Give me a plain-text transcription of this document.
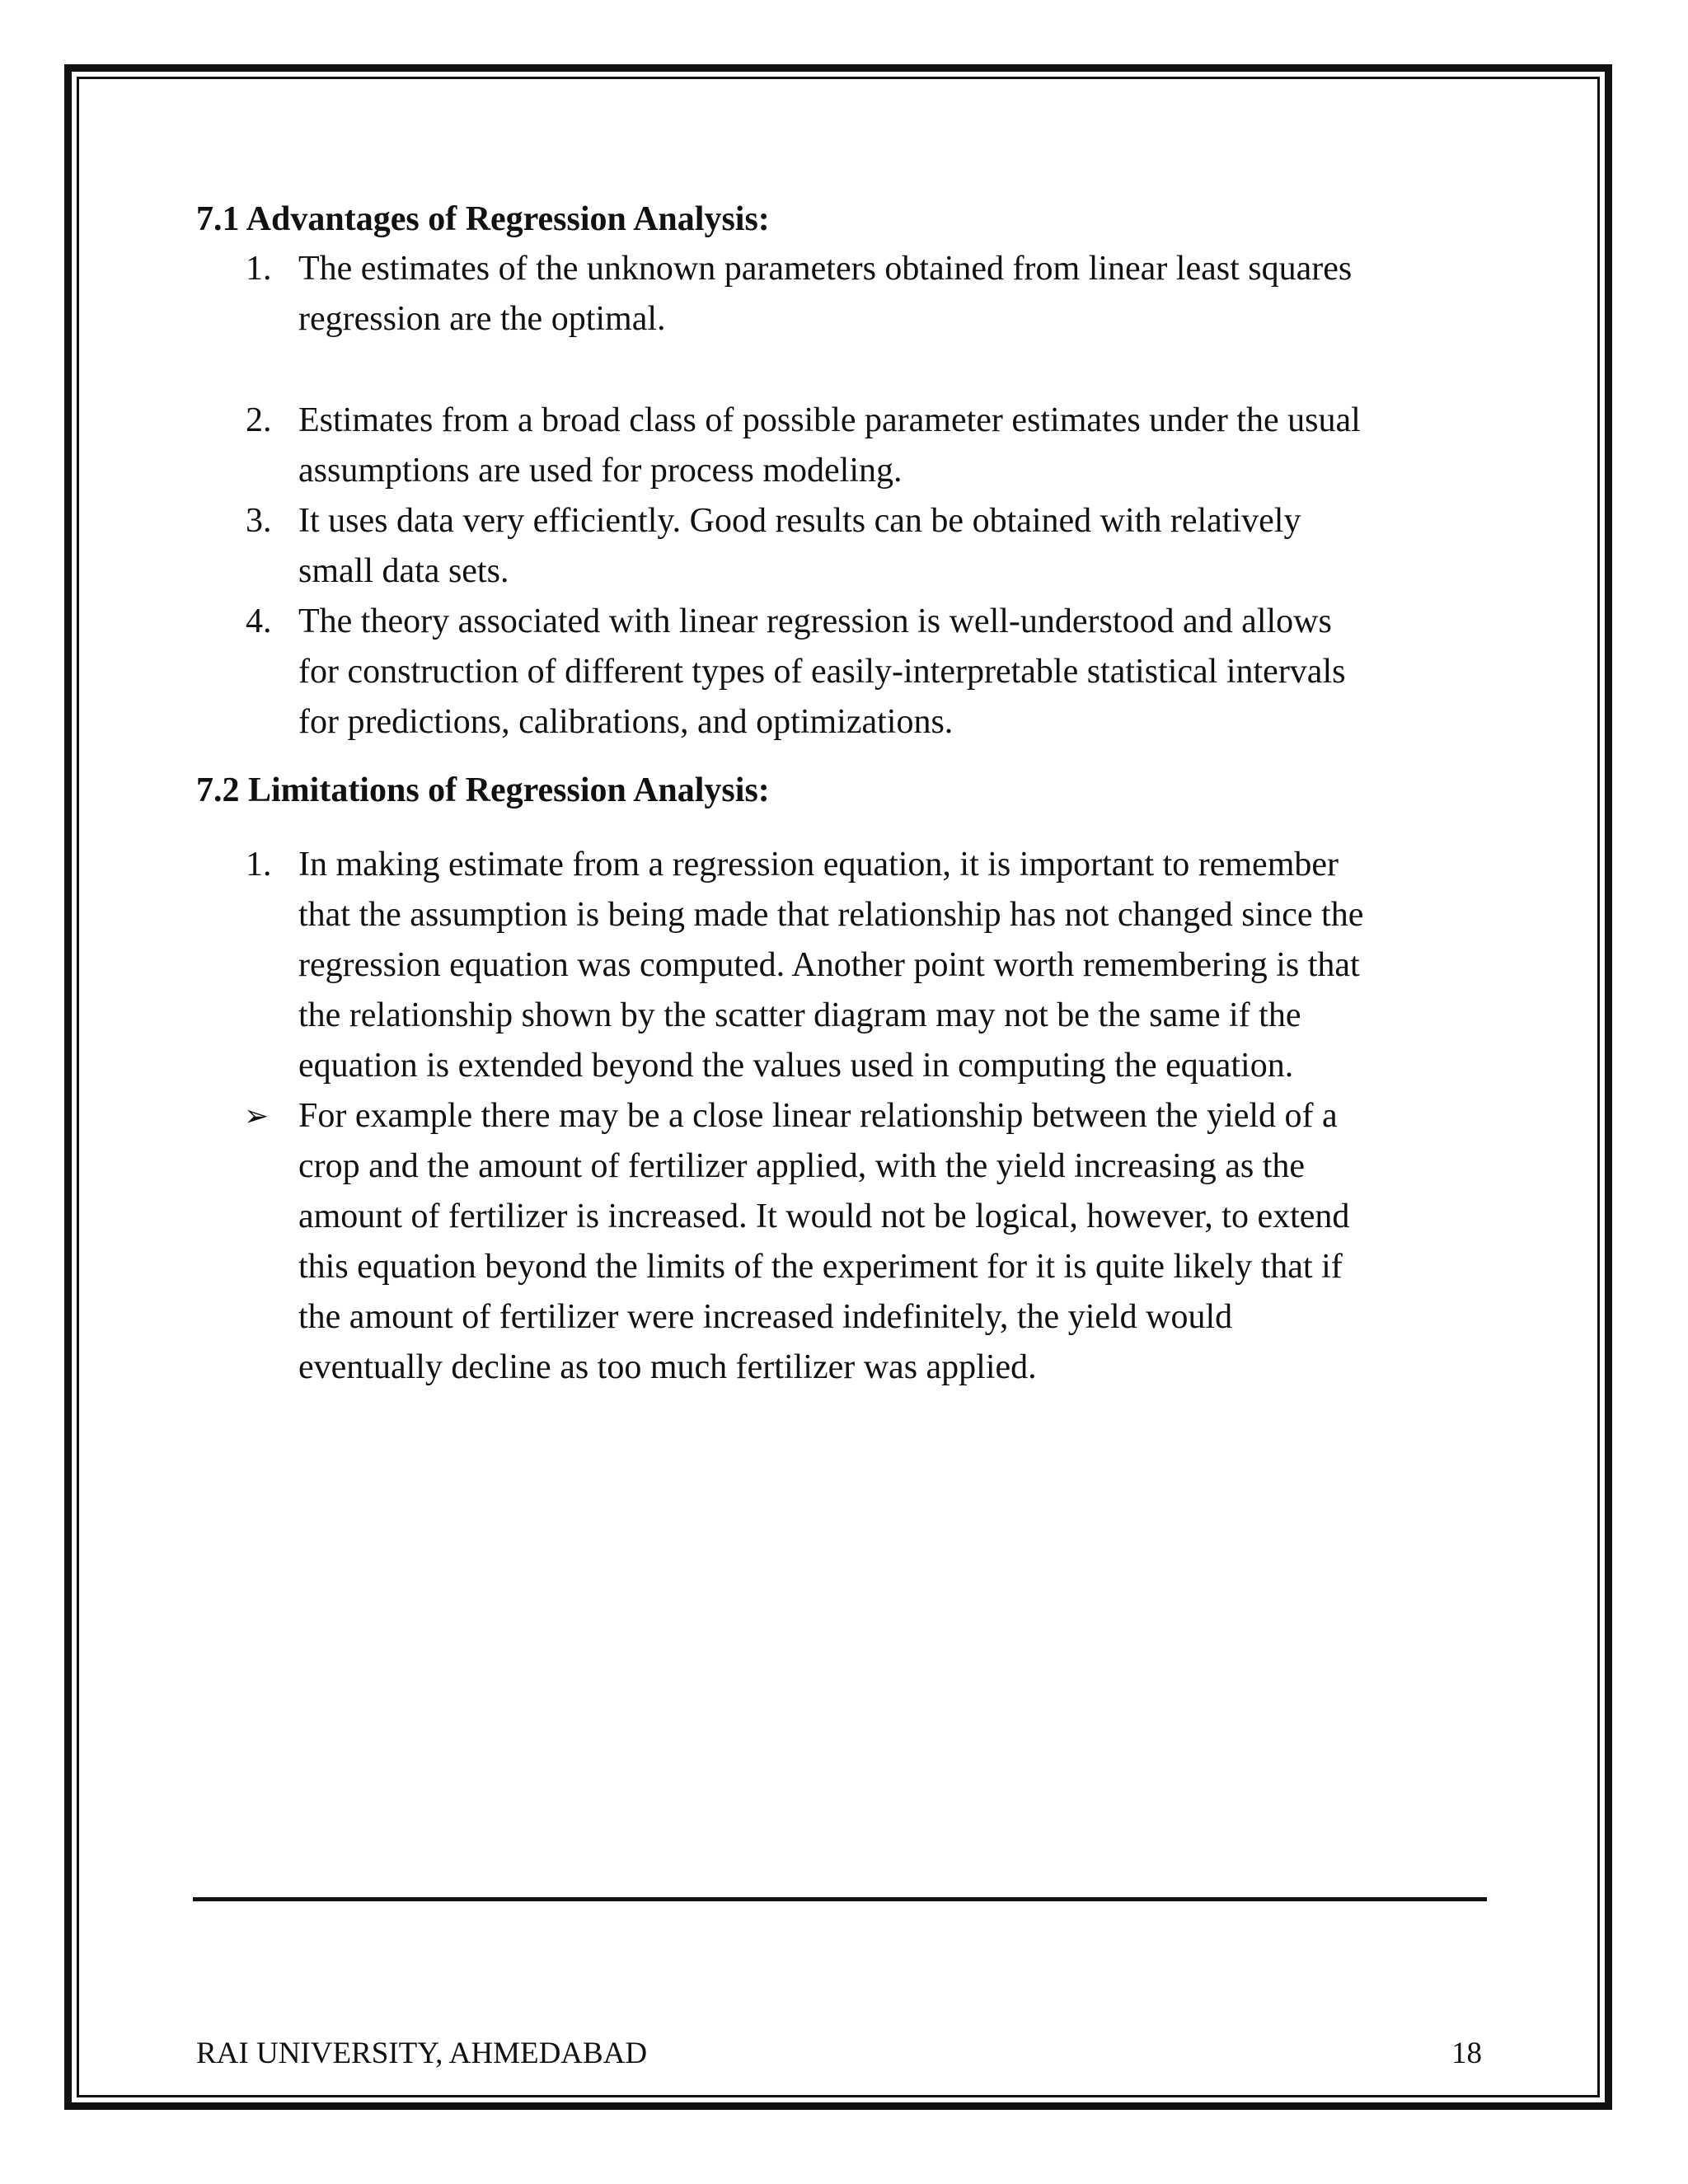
7.1 Advantages of Regression Analysis:
1. The estimates of the unknown parameters obtained from linear least squares
regression are the optimal.
2. Estimates from a broad class of possible parameter estimates under the usual
assumptions are used for process modeling.
3. It uses data very efficiently. Good results can be obtained with relatively
small data sets.
4. The theory associated with linear regression is well-understood and allows
for construction of different types of easily-interpretable statistical intervals
for predictions, calibrations, and optimizations.
7.2 Limitations of Regression Analysis:
1. In making estimate from a regression equation, it is important to remember
that the assumption is being made that relationship has not changed since the
regression equation was computed. Another point worth remembering is that
the relationship shown by the scatter diagram may not be the same if the
equation is extended beyond the values used in computing the equation.
➢ For example there may be a close linear relationship between the yield of a
crop and the amount of fertilizer applied, with the yield increasing as the
amount of fertilizer is increased. It would not be logical, however, to extend
this equation beyond the limits of the experiment for it is quite likely that if
the amount of fertilizer were increased indefinitely, the yield would
eventually decline as too much fertilizer was applied.
RAI UNIVERSITY, AHMEDABAD	18
